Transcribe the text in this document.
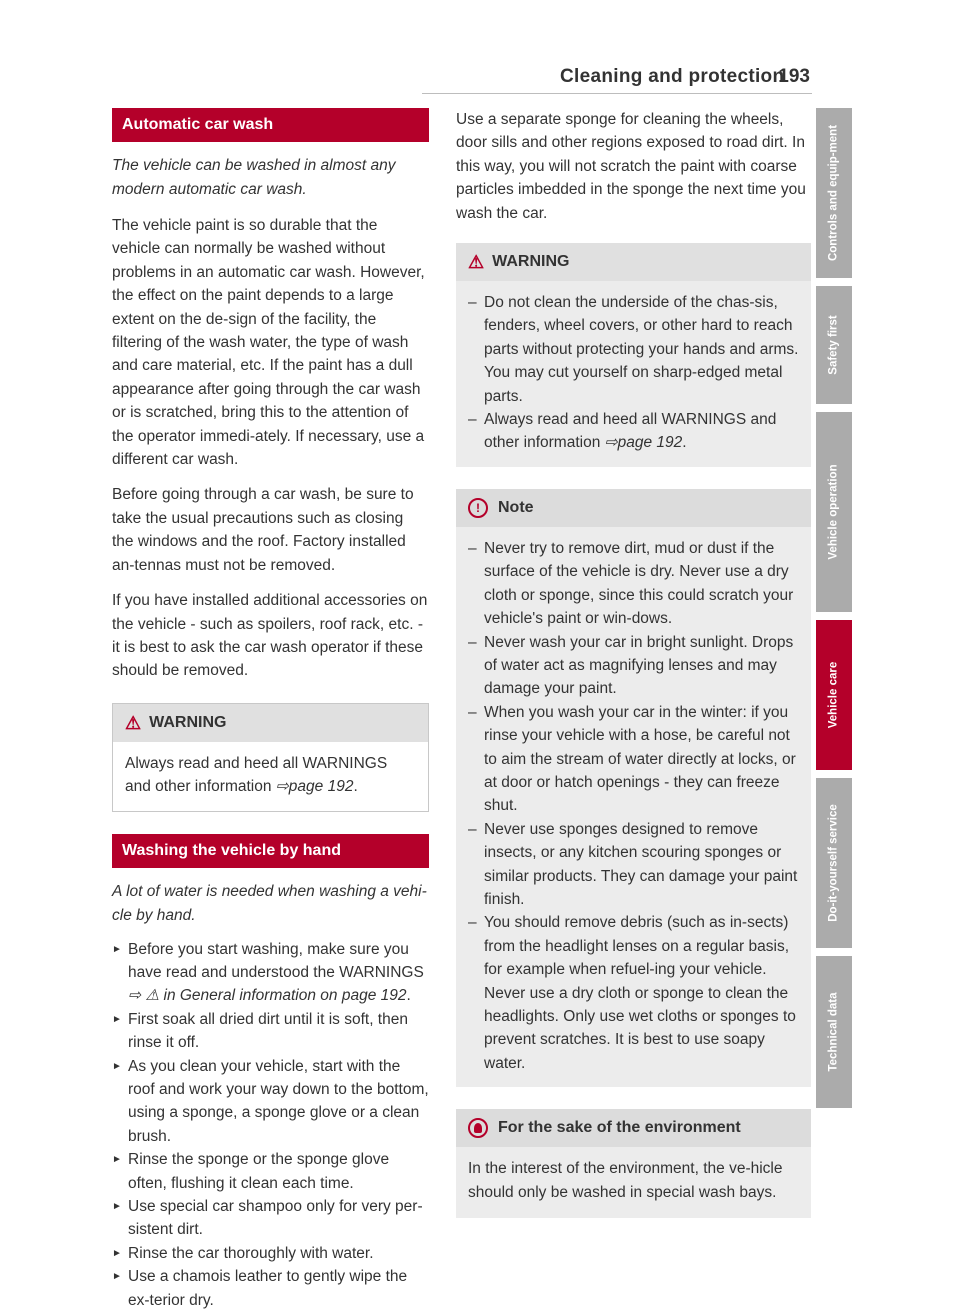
Cleaning and protection
193
Automatic car wash
The vehicle can be washed in almost any modern automatic car wash.

The vehicle paint is so durable that the vehicle can normally be washed without problems in an automatic car wash. However, the effect on the paint depends to a large extent on the de-sign of the facility, the filtering of the wash water, the type of wash and care material, etc. If the paint has a dull appearance after going through the car wash or is scratched, bring this to the attention of the operator immedi-ately. If necessary, use a different car wash.

Before going through a car wash, be sure to take the usual precautions such as closing the windows and the roof. Factory installed an-tennas must not be removed.

If you have installed additional accessories on the vehicle - such as spoilers, roof rack, etc. - it is best to ask the car wash operator if these should be removed.

⚠ WARNING
Always read and heed all WARNINGS and other information ⇨page 192.
Washing the vehicle by hand
A lot of water is needed when washing a vehi-cle by hand.
► Before you start washing, make sure you have read and understood the WARNINGS ⇨ ⚠ in General information on page 192.
► First soak all dried dirt until it is soft, then rinse it off.
► As you clean your vehicle, start with the roof and work your way down to the bottom, using a sponge, a sponge glove or a clean brush.
► Rinse the sponge or the sponge glove often, flushing it clean each time.
► Use special car shampoo only for very per-sistent dirt.
► Rinse the car thoroughly with water.
► Use a chamois leather to gently wipe the ex-terior dry.

Use a separate sponge for cleaning the wheels, door sills and other regions exposed to road dirt. In this way, you will not scratch the paint with coarse particles imbedded in the sponge the next time you wash the car.

⚠ WARNING
– Do not clean the underside of the chas-sis, fenders, wheel covers, or other hard to reach parts without protecting your hands and arms. You may cut yourself on sharp-edged metal parts.
– Always read and heed all WARNINGS and other information ⇨page 192.
!	Note
– Never try to remove dirt, mud or dust if the surface of the vehicle is dry. Never use a dry cloth or sponge, since this could scratch your vehicle's paint or win-dows.
– Never wash your car in bright sunlight. Drops of water act as magnifying lenses and may damage your paint.
– When you wash your car in the winter: if you rinse your vehicle with a hose, be careful not to aim the stream of water directly at locks, or at door or hatch openings - they can freeze shut.
– Never use sponges designed to remove insects, or any kitchen scouring sponges or similar products. They can damage your paint finish.
– You should remove debris (such as in-sects) from the headlight lenses on a regular basis, for example when refuel-ing your vehicle. Never use a dry cloth or sponge to clean the headlights. Only use wet cloths or sponges to prevent scratches. It is best to use soapy water.
For the sake of the environment
In the interest of the environment, the ve-hicle should only be washed in special wash bays.
Controls and equip-ment
Safety first
Vehicle operation
Vehicle care
Do-it-yourself service
Technical data
